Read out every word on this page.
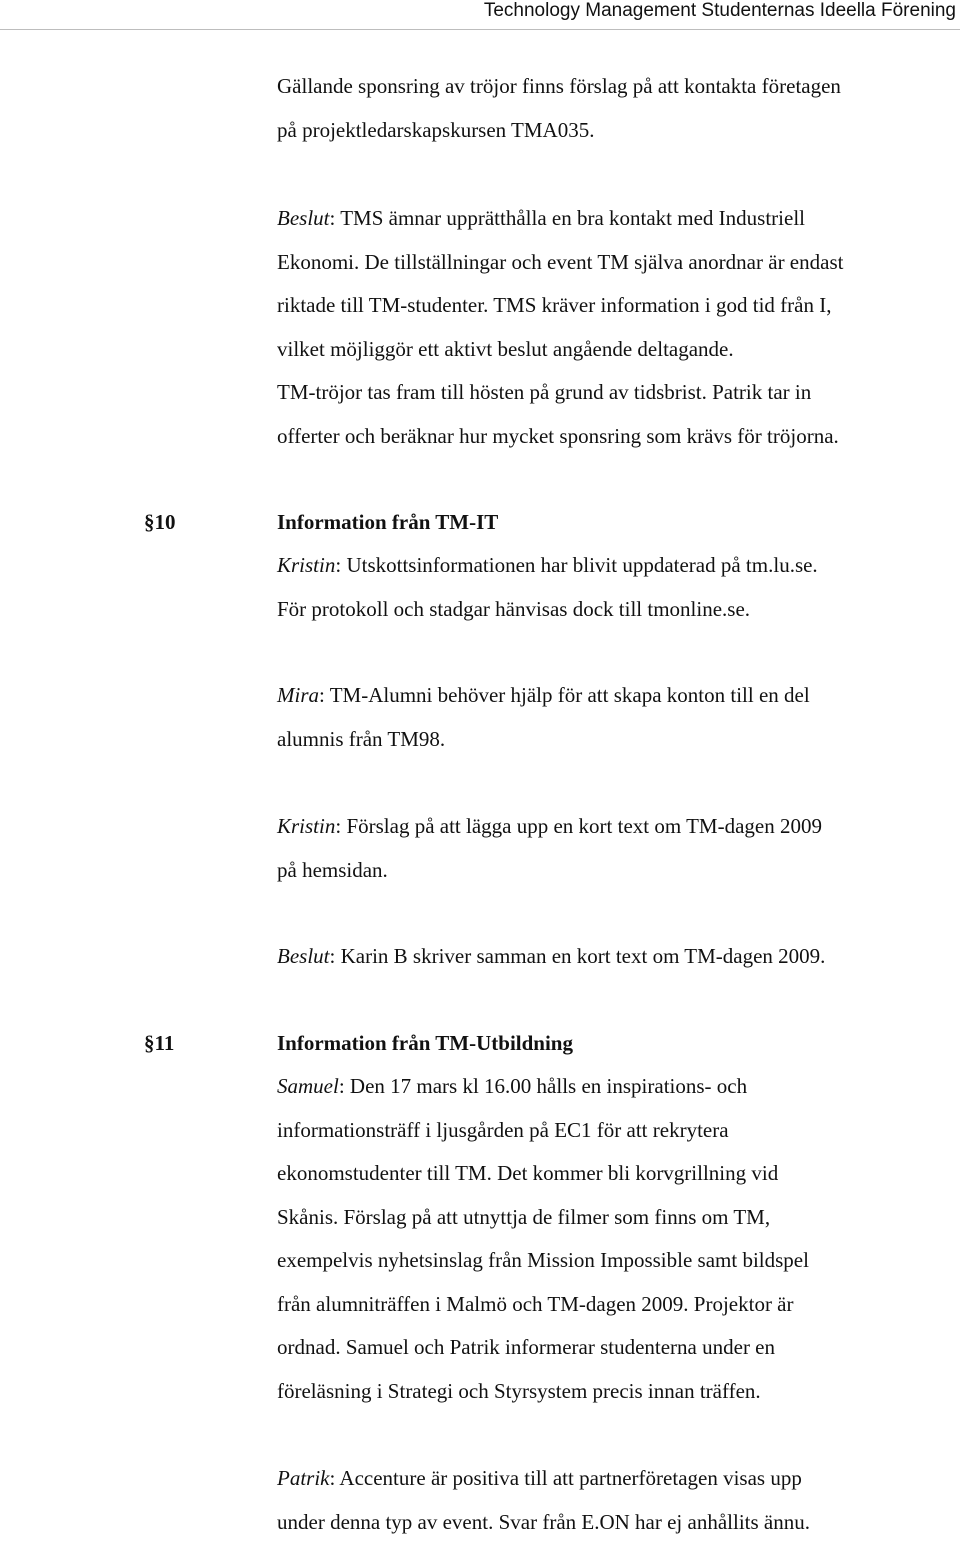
Technology Management Studenternas Ideella Förening
Gällande sponsring av tröjor finns förslag på att kontakta företagen
på projektledarskapskursen TMA035.
Beslut: TMS ämnar upprätthålla en bra kontakt med Industriell
Ekonomi. De tillställningar och event TM själva anordnar är endast
riktade till TM-studenter. TMS kräver information i god tid från I,
vilket möjliggör ett aktivt beslut angående deltagande.
TM-tröjor tas fram till hösten på grund av tidsbrist. Patrik tar in
offerter och beräknar hur mycket sponsring som krävs för tröjorna.
§10	Information från TM-IT
Kristin: Utskottsinformationen har blivit uppdaterad på tm.lu.se.
För protokoll och stadgar hänvisas dock till tmonline.se.
Mira: TM-Alumni behöver hjälp för att skapa konton till en del
alumnis från TM98.
Kristin: Förslag på att lägga upp en kort text om TM-dagen 2009
på hemsidan.
Beslut: Karin B skriver samman en kort text om TM-dagen 2009.
§11	Information från TM-Utbildning
Samuel: Den 17 mars kl 16.00 hålls en inspirations- och
informationsträff i ljusgården på EC1 för att rekrytera
ekonomstudenter till TM. Det kommer bli korvgrillning vid
Skånis. Förslag på att utnyttja de filmer som finns om TM,
exempelvis nyhetsinslag från Mission Impossible samt bildspel
från alumniträffen i Malmö och TM-dagen 2009. Projektor är
ordnad. Samuel och Patrik informerar studenterna under en
föreläsning i Strategi och Styrsystem precis innan träffen.
Patrik: Accenture är positiva till att partnerföretagen visas upp
under denna typ av event. Svar från E.ON har ej anhållits ännu.
